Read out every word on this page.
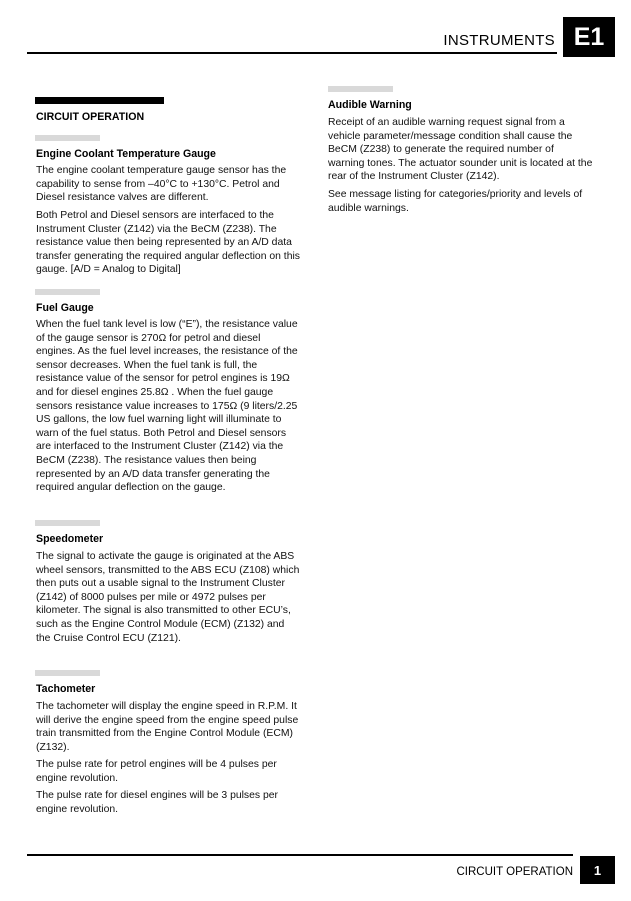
INSTRUMENTS E1
CIRCUIT OPERATION
Engine Coolant Temperature Gauge

The engine coolant temperature gauge sensor has the capability to sense from –40°C to +130°C. Petrol and Diesel resistance valves are different.

Both Petrol and Diesel sensors are interfaced to the Instrument Cluster (Z142) via the BeCM (Z238). The resistance value then being represented by an A/D data transfer generating the required angular deflection on this gauge. [A/D = Analog to Digital]

Fuel Gauge

When the fuel tank level is low (“E”), the resistance value of the gauge sensor is 270Ω for petrol and diesel engines. As the fuel level increases, the resistance of the sensor decreases. When the fuel tank is full, the resistance value of the sensor for petrol engines is 19Ω and for diesel engines 25.8Ω . When the fuel gauge sensors resistance value increases to 175Ω (9 liters/2.25 US gallons, the low fuel warning light will illuminate to warn of the fuel status. Both Petrol and Diesel sensors are interfaced to the Instrument Cluster (Z142) via the BeCM (Z238). The resistance values then being represented by an A/D data transfer generating the required angular deflection on the gauge.

Speedometer

The signal to activate the gauge is originated at the ABS wheel sensors, transmitted to the ABS ECU (Z108) which then puts out a usable signal to the Instrument Cluster (Z142) of 8000 pulses per mile or 4972 pulses per kilometer. The signal is also transmitted to other ECU’s, such as the Engine Control Module (ECM) (Z132) and the Cruise Control ECU (Z121).

Tachometer

The tachometer will display the engine speed in R.P.M. It will derive the engine speed from the engine speed pulse train transmitted from the Engine Control Module (ECM) (Z132).

The pulse rate for petrol engines will be 4 pulses per engine revolution.

The pulse rate for diesel engines will be 3 pulses per engine revolution.

Audible Warning

Receipt of an audible warning request signal from a vehicle parameter/message condition shall cause the BeCM (Z238) to generate the required number of warning tones. The actuator sounder unit is located at the rear of the Instrument Cluster (Z142).

See message listing for categories/priority and levels of audible warnings.

CIRCUIT OPERATION	1
